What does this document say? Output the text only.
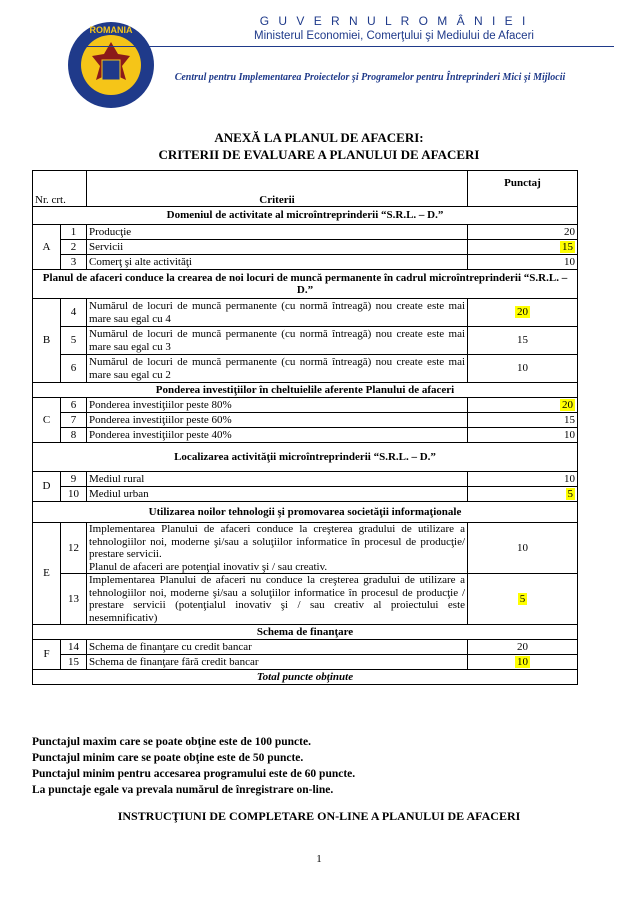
ROMANIA
G U V E R N U L R O M Â N I E I
Ministerul Economiei, Comerţului şi Mediului de Afaceri
Centrul pentru Implementarea Proiectelor şi Programelor pentru Întreprinderi Mici şi Mijlocii
ANEXĂ LA PLANUL DE AFACERI:
CRITERII DE EVALUARE A PLANULUI DE AFACERI
Nr. crt.		Criterii	Punctaj
Domeniul de activitate al microîntreprinderii “S.R.L. – D.”			
A	1	Producţie	20
	2	Servicii	15
	3	Comerţ şi alte activităţi	10
Planul de afaceri conduce la crearea de noi locuri de muncă permanente în cadrul microîntreprinderii “S.R.L. – D.”			
B	4	Numărul de locuri de muncă permanente (cu normă întreagă) nou create este mai mare sau egal cu 4	20
	5	Numărul de locuri de muncă permanente (cu normă întreagă) nou create este mai mare sau egal cu 3	15
	6	Numărul de locuri de muncă permanente (cu normă întreagă) nou create este mai mare sau egal cu 2	10
Ponderea investiţiilor în cheltuielile aferente Planului de afaceri			
C	6	Ponderea investiţiilor peste 80%	20
	7	Ponderea investiţiilor peste 60%	15
	8	Ponderea investiţiilor peste 40%	10
Localizarea activităţii microîntreprinderii “S.R.L. – D.”			
D	9	Mediul rural	10
	10	Mediul urban	5
Utilizarea noilor tehnologii şi promovarea societăţii informaţionale			
E	12	Implementarea Planului de afaceri conduce la creşterea gradului de utilizare a tehnologiilor noi, moderne şi/sau a soluţiilor informatice în procesul de producţie/ prestare servicii.
Planul de afaceri are potenţial inovativ şi / sau creativ.	10
	13	Implementarea Planului de afaceri nu conduce la creşterea gradului de utilizare a tehnologiilor noi, moderne şi/sau a soluţiilor informatice în procesul de producţie / prestare servicii (potenţialul inovativ şi / sau creativ al proiectului este nesemnificativ)	5
Schema de finanţare			
F	14	Schema de finanţare cu credit bancar	20
	15	Schema de finanţare fără credit bancar	10
Total puncte obţinute			
Punctajul maxim care se poate obţine este de 100 puncte.
Punctajul minim care se poate obţine este de 50 puncte.
Punctajul minim pentru accesarea programului este de 60 puncte.
La punctaje egale va prevala numărul de înregistrare on-line.
INSTRUCŢIUNI DE COMPLETARE ON-LINE A PLANULUI DE AFACERI
1
